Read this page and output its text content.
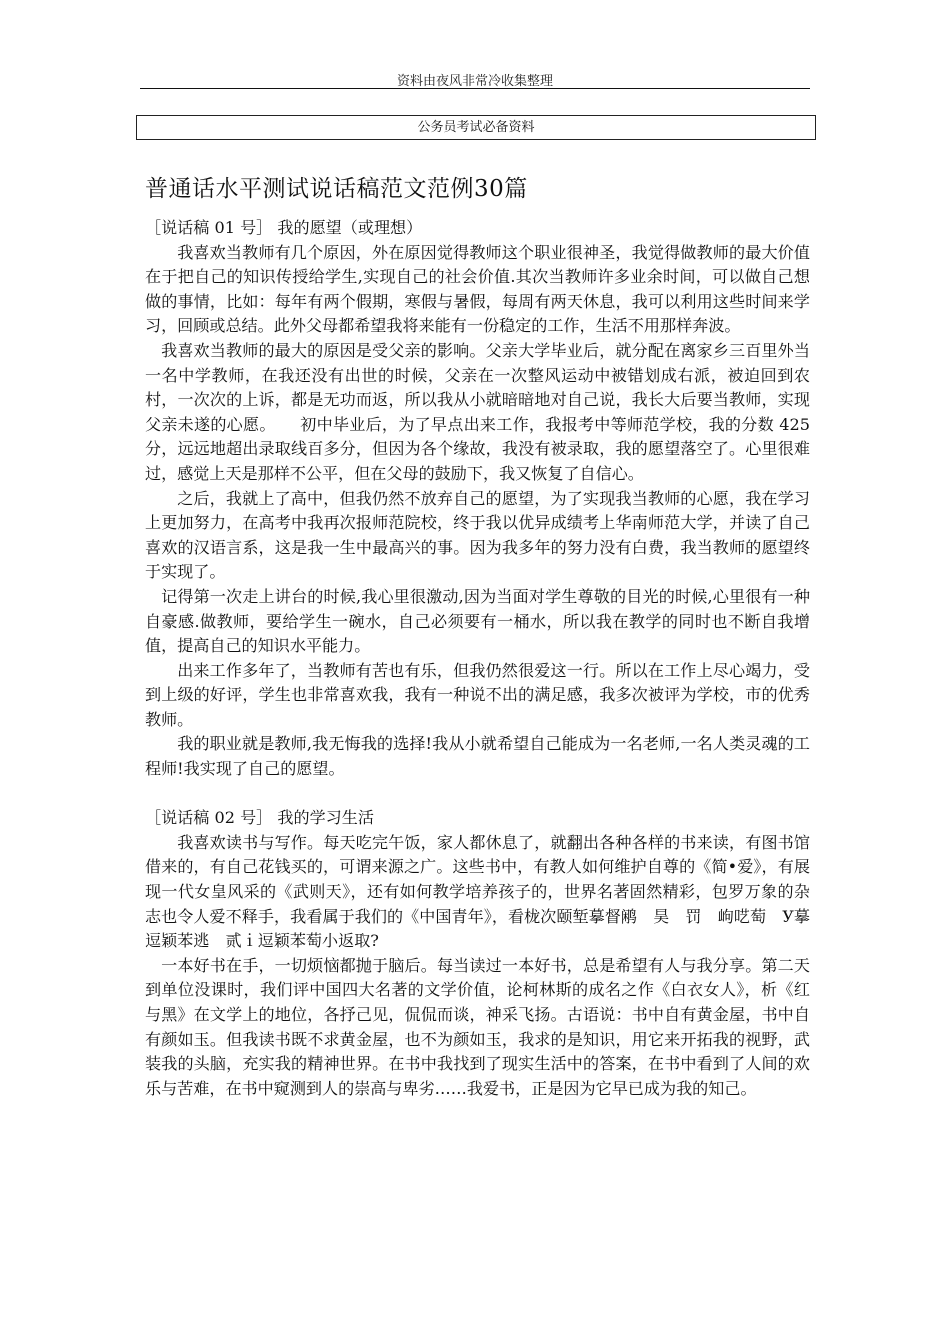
资料由夜风非常冷收集整理
公务员考试必备资料
普通话水平测试说话稿范文范例30篇

［说话稿 01 号］ 我的愿望（或理想）

我喜欢当教师有几个原因，外在原因觉得教师这个职业很神圣，我觉得做教师的最大价值在于把自己的知识传授给学生,实现自己的社会价值.其次当教师许多业余时间，可以做自己想做的事情，比如：每年有两个假期，寒假与暑假，每周有两天休息，我可以利用这些时间来学习，回顾或总结。此外父母都希望我将来能有一份稳定的工作，生活不用那样奔波。

我喜欢当教师的最大的原因是受父亲的影响。父亲大学毕业后，就分配在离家乡三百里外当一名中学教师，在我还没有出世的时候，父亲在一次整风运动中被错划成右派，被迫回到农村，一次次的上诉，都是无功而返，所以我从小就暗暗地对自己说，我长大后要当教师，实现父亲未遂的心愿。　　初中毕业后，为了早点出来工作，我报考中等师范学校，我的分数 425 分，远远地超出录取线百多分，但因为各个缘故，我没有被录取，我的愿望落空了。心里很难过，感觉上天是那样不公平，但在父母的鼓励下，我又恢复了自信心。

之后，我就上了高中，但我仍然不放弃自己的愿望，为了实现我当教师的心愿，我在学习上更加努力，在高考中我再次报师范院校，终于我以优异成绩考上华南师范大学，并读了自己喜欢的汉语言系，这是我一生中最高兴的事。因为我多年的努力没有白费，我当教师的愿望终于实现了。

记得第一次走上讲台的时候,我心里很激动,因为当面对学生尊敬的目光的时候,心里很有一种自豪感.做教师，要给学生一碗水，自己必须要有一桶水，所以我在教学的同时也不断自我增值，提高自己的知识水平能力。

出来工作多年了，当教师有苦也有乐，但我仍然很爱这一行。所以在工作上尽心竭力，受到上级的好评，学生也非常喜欢我，我有一种说不出的满足感，我多次被评为学校，市的优秀教师。

我的职业就是教师,我无悔我的选择!我从小就希望自己能成为一名老师,一名人类灵魂的工程师!我实现了自己的愿望。

［说话稿 02 号］ 我的学习生活

我喜欢读书与写作。每天吃完午饭，家人都休息了，就翻出各种各样的书来读，有图书馆借来的，有自己花钱买的，可谓来源之广。这些书中，有教人如何维护自尊的《简•爱》，有展现一代女皇风采的《武则天》，还有如何教学培养孩子的，世界名著固然精彩，包罗万象的杂志也令人爱不释手，我看属于我们的《中国青年》，看栊次颐堑摹督鹇　昊　罚　岣呓萄　У摹逗颖苯逃　贰ｉ逗颖苯萄小返取?

一本好书在手，一切烦恼都抛于脑后。每当读过一本好书，总是希望有人与我分享。第二天到单位没课时，我们评中国四大名著的文学价值，论柯林斯的成名之作《白衣女人》，析《红与黑》在文学上的地位，各抒己见，侃侃而谈，神采飞扬。古语说：书中自有黄金屋，书中自有颜如玉。但我读书既不求黄金屋，也不为颜如玉，我求的是知识，用它来开拓我的视野，武装我的头脑，充实我的精神世界。在书中我找到了现实生活中的答案，在书中看到了人间的欢乐与苦难，在书中窥测到人的崇高与卑劣……我爱书，正是因为它早已成为我的知己。
